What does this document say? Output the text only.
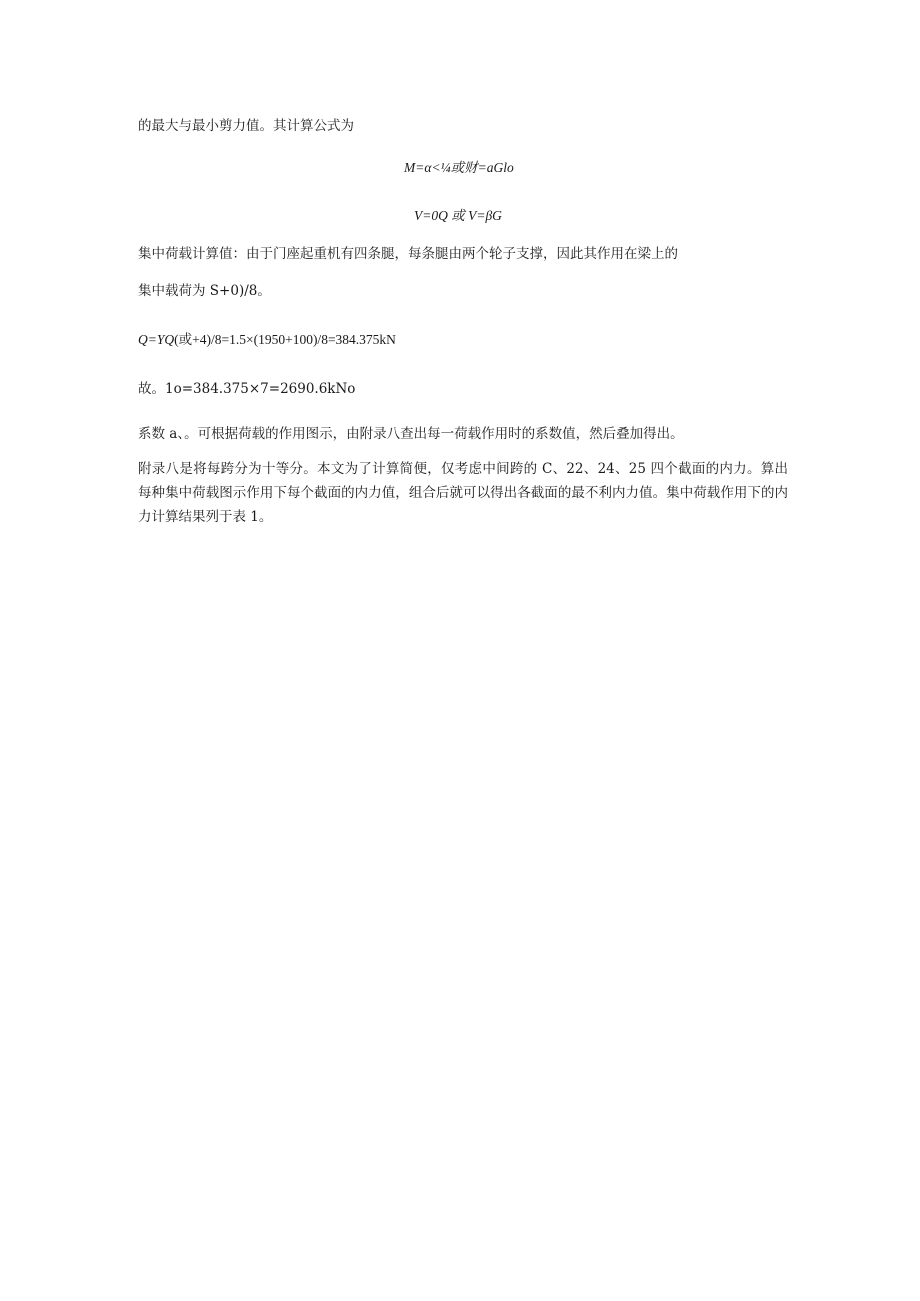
的最大与最小剪力值。其计算公式为
M=α<¼或财=aGlo
V=0Q 或 V=βG
集中荷载计算值：由于门座起重机有四条腿，每条腿由两个轮子支撑，因此其作用在梁上的
集中载荷为 S+0)/8。
Q=YQ(或+4)/8=1.5×(1950+100)/8=384.375kN
故。1o=384.375×7=2690.6kNo
系数 a、。可根据荷载的作用图示，由附录八查出每一荷载作用时的系数值，然后叠加得出。
附录八是将每跨分为十等分。本文为了计算简便，仅考虑中间跨的 C、22、24、25 四个截面的内力。算出每种集中荷载图示作用下每个截面的内力值，组合后就可以得出各截面的最不利内力值。集中荷载作用下的内力计算结果列于表 1。
